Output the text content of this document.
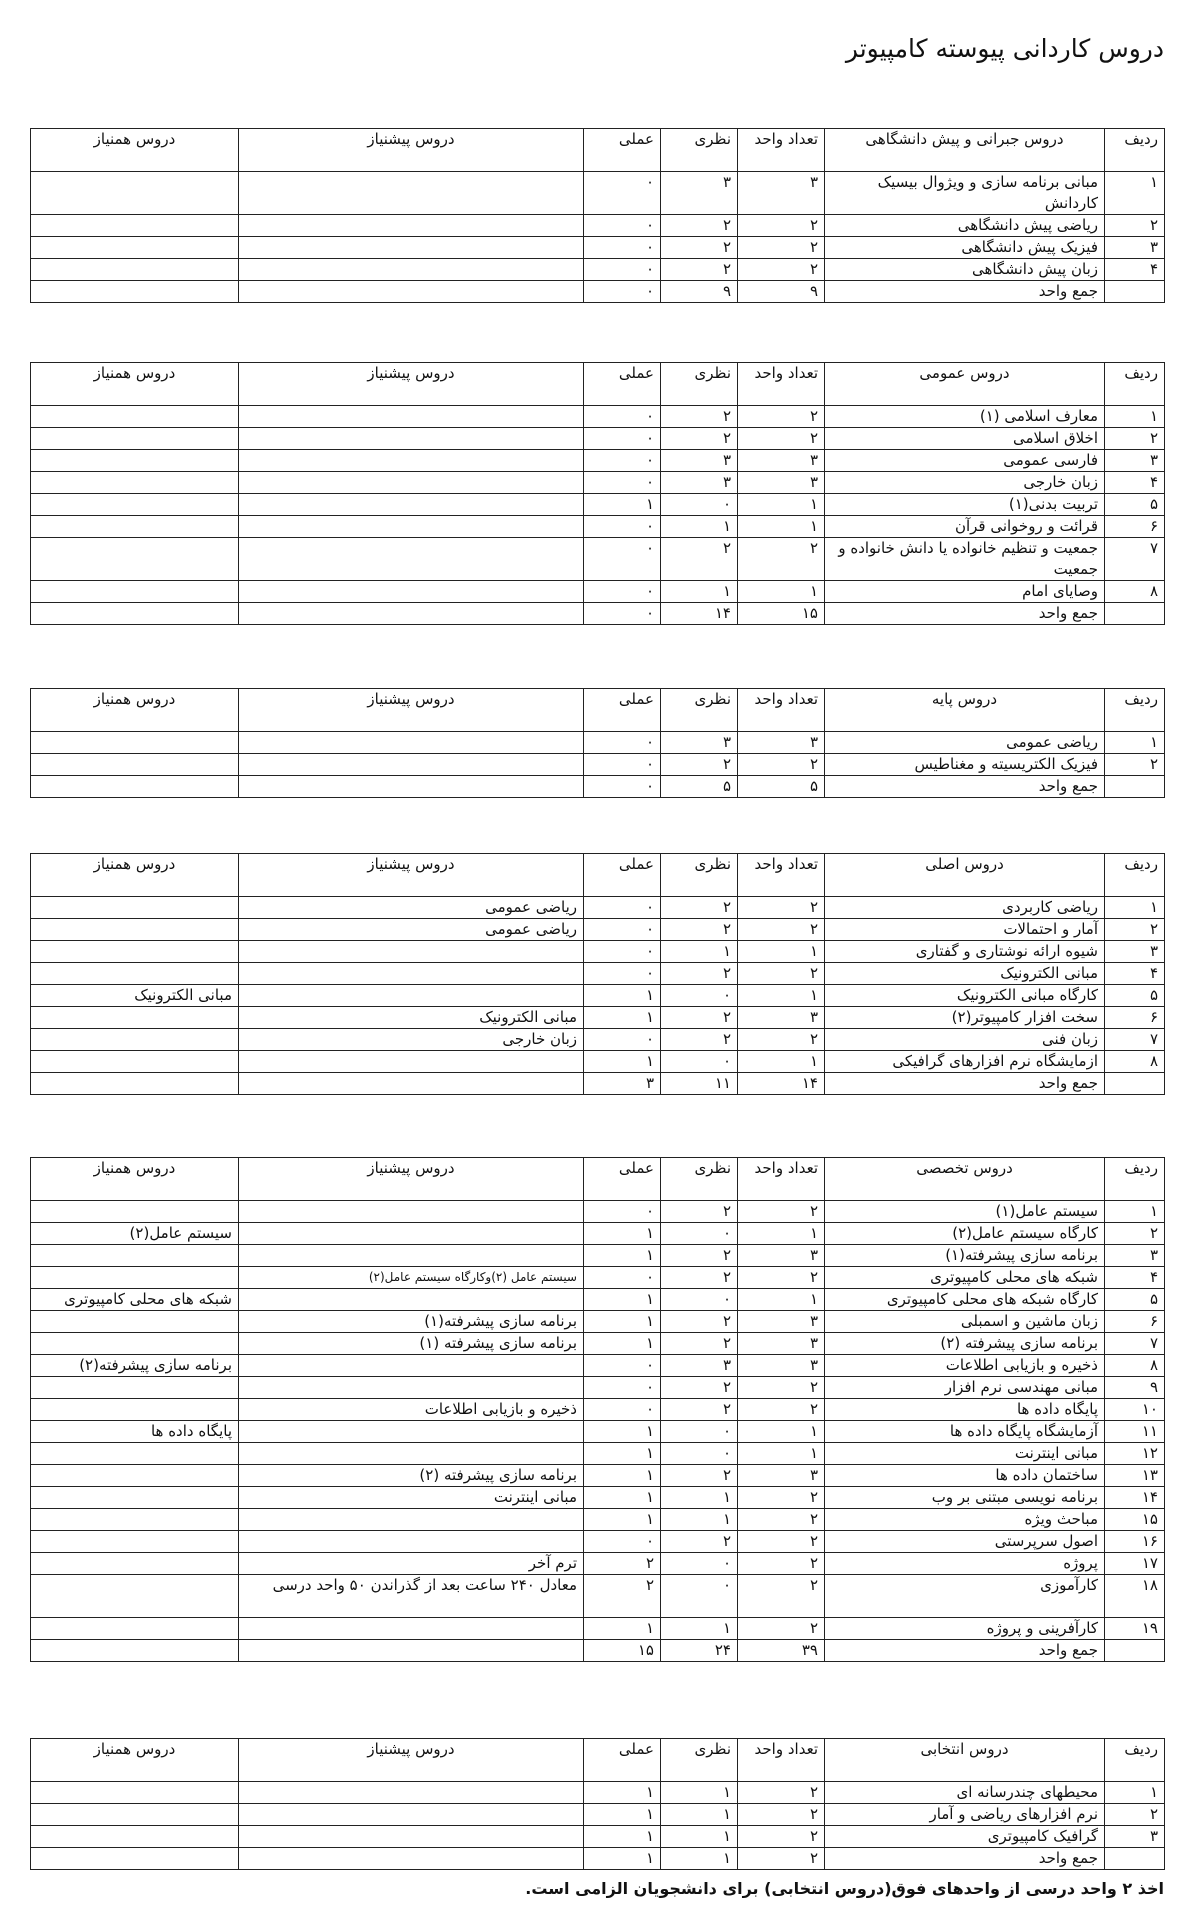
دروس کاردانی پیوسته کامپیوتر
ردیف	دروس جبرانی و پیش دانشگاهی	تعداد واحد	نظری	عملی	دروس پیشنیاز	دروس همنیاز
۱	مبانی برنامه سازی و ویژوال بیسیک کاردانش	۳	۳	۰		
۲	ریاضی پیش دانشگاهی	۲	۲	۰		
۳	فیزیک پیش دانشگاهی	۲	۲	۰		
۴	زبان پیش دانشگاهی	۲	۲	۰		
	جمع واحد	۹	۹	۰		
ردیف	دروس عمومی	تعداد واحد	نظری	عملی	دروس پیشنیاز	دروس همنیاز
۱	معارف اسلامی (۱)	۲	۲	۰		
۲	اخلاق اسلامی	۲	۲	۰		
۳	فارسی عمومی	۳	۳	۰		
۴	زبان خارجی	۳	۳	۰		
۵	تربیت بدنی(۱)	۱	۰	۱		
۶	قرائت و روخوانی قرآن	۱	۱	۰		
۷	جمعیت و تنظیم خانواده یا دانش خانواده و جمعیت	۲	۲	۰		
۸	وصایای امام	۱	۱	۰		
	جمع واحد	۱۵	۱۴	۰		
ردیف	دروس پایه	تعداد واحد	نظری	عملی	دروس پیشنیاز	دروس همنیاز
۱	ریاضی عمومی	۳	۳	۰		
۲	فیزیک الکتریسیته و مغناطیس	۲	۲	۰		
	جمع واحد	۵	۵	۰		
ردیف	دروس اصلی	تعداد واحد	نظری	عملی	دروس پیشنیاز	دروس همنیاز
۱	ریاضی کاربردی	۲	۲	۰	ریاضی عمومی	
۲	آمار و احتمالات	۲	۲	۰	ریاضی عمومی	
۳	شیوه ارائه نوشتاری و گفتاری	۱	۱	۰		
۴	مبانی الکترونیک	۲	۲	۰		
۵	کارگاه مبانی الکترونیک	۱	۰	۱		مبانی الکترونیک
۶	سخت افزار کامپیوتر(۲)	۳	۲	۱	مبانی الکترونیک	
۷	زبان فنی	۲	۲	۰	زبان خارجی	
۸	ازمایشگاه نرم افزارهای گرافیکی	۱	۰	۱		
	جمع واحد	۱۴	۱۱	۳		
ردیف	دروس تخصصی	تعداد واحد	نظری	عملی	دروس پیشنیاز	دروس همنیاز
۱	سیستم عامل(۱)	۲	۲	۰		
۲	کارگاه سیستم عامل(۲)	۱	۰	۱		سیستم عامل(۲)
۳	برنامه سازی پیشرفته(۱)	۳	۲	۱		
۴	شبکه های محلی کامپیوتری	۲	۲	۰	سیستم عامل (۲)وکارگاه سیستم عامل(۲)	
۵	کارگاه شبکه های محلی کامپیوتری	۱	۰	۱		شبکه های محلی کامپیوتری
۶	زبان ماشین و اسمبلی	۳	۲	۱	برنامه سازی پیشرفته(۱)	
۷	برنامه سازی پیشرفته (۲)	۳	۲	۱	برنامه سازی پیشرفته (۱)	
۸	ذخیره و بازیابی اطلاعات	۳	۳	۰		برنامه سازی پیشرفته(۲)
۹	مبانی مهندسی نرم افزار	۲	۲	۰		
۱۰	پایگاه داده ها	۲	۲	۰	ذخیره و بازیابی اطلاعات	
۱۱	آزمایشگاه پایگاه داده ها	۱	۰	۱		پایگاه داده ها
۱۲	مبانی اینترنت	۱	۰	۱		
۱۳	ساختمان داده ها	۳	۲	۱	برنامه سازی پیشرفته (۲)	
۱۴	برنامه نویسی مبتنی بر وب	۲	۱	۱	مبانی اینترنت	
۱۵	مباحث ویژه	۲	۱	۱		
۱۶	اصول سرپرستی	۲	۲	۰		
۱۷	پروژه	۲	۰	۲	ترم آخر	
۱۸	کارآموزی	۲	۰	۲	معادل ۲۴۰ ساعت بعد از گذراندن ۵۰ واحد درسی	
۱۹	کارآفرینی و پروژه	۲	۱	۱		
	جمع واحد	۳۹	۲۴	۱۵		
ردیف	دروس انتخابی	تعداد واحد	نظری	عملی	دروس پیشنیاز	دروس همنیاز
۱	محیطهای چندرسانه ای	۲	۱	۱		
۲	نرم افزارهای ریاضی و آمار	۲	۱	۱		
۳	گرافیک کامپیوتری	۲	۱	۱		
	جمع واحد	۲	۱	۱		

اخذ ۲ واحد درسی از واحدهای فوق(دروس انتخابی) برای دانشجویان الزامی است.
